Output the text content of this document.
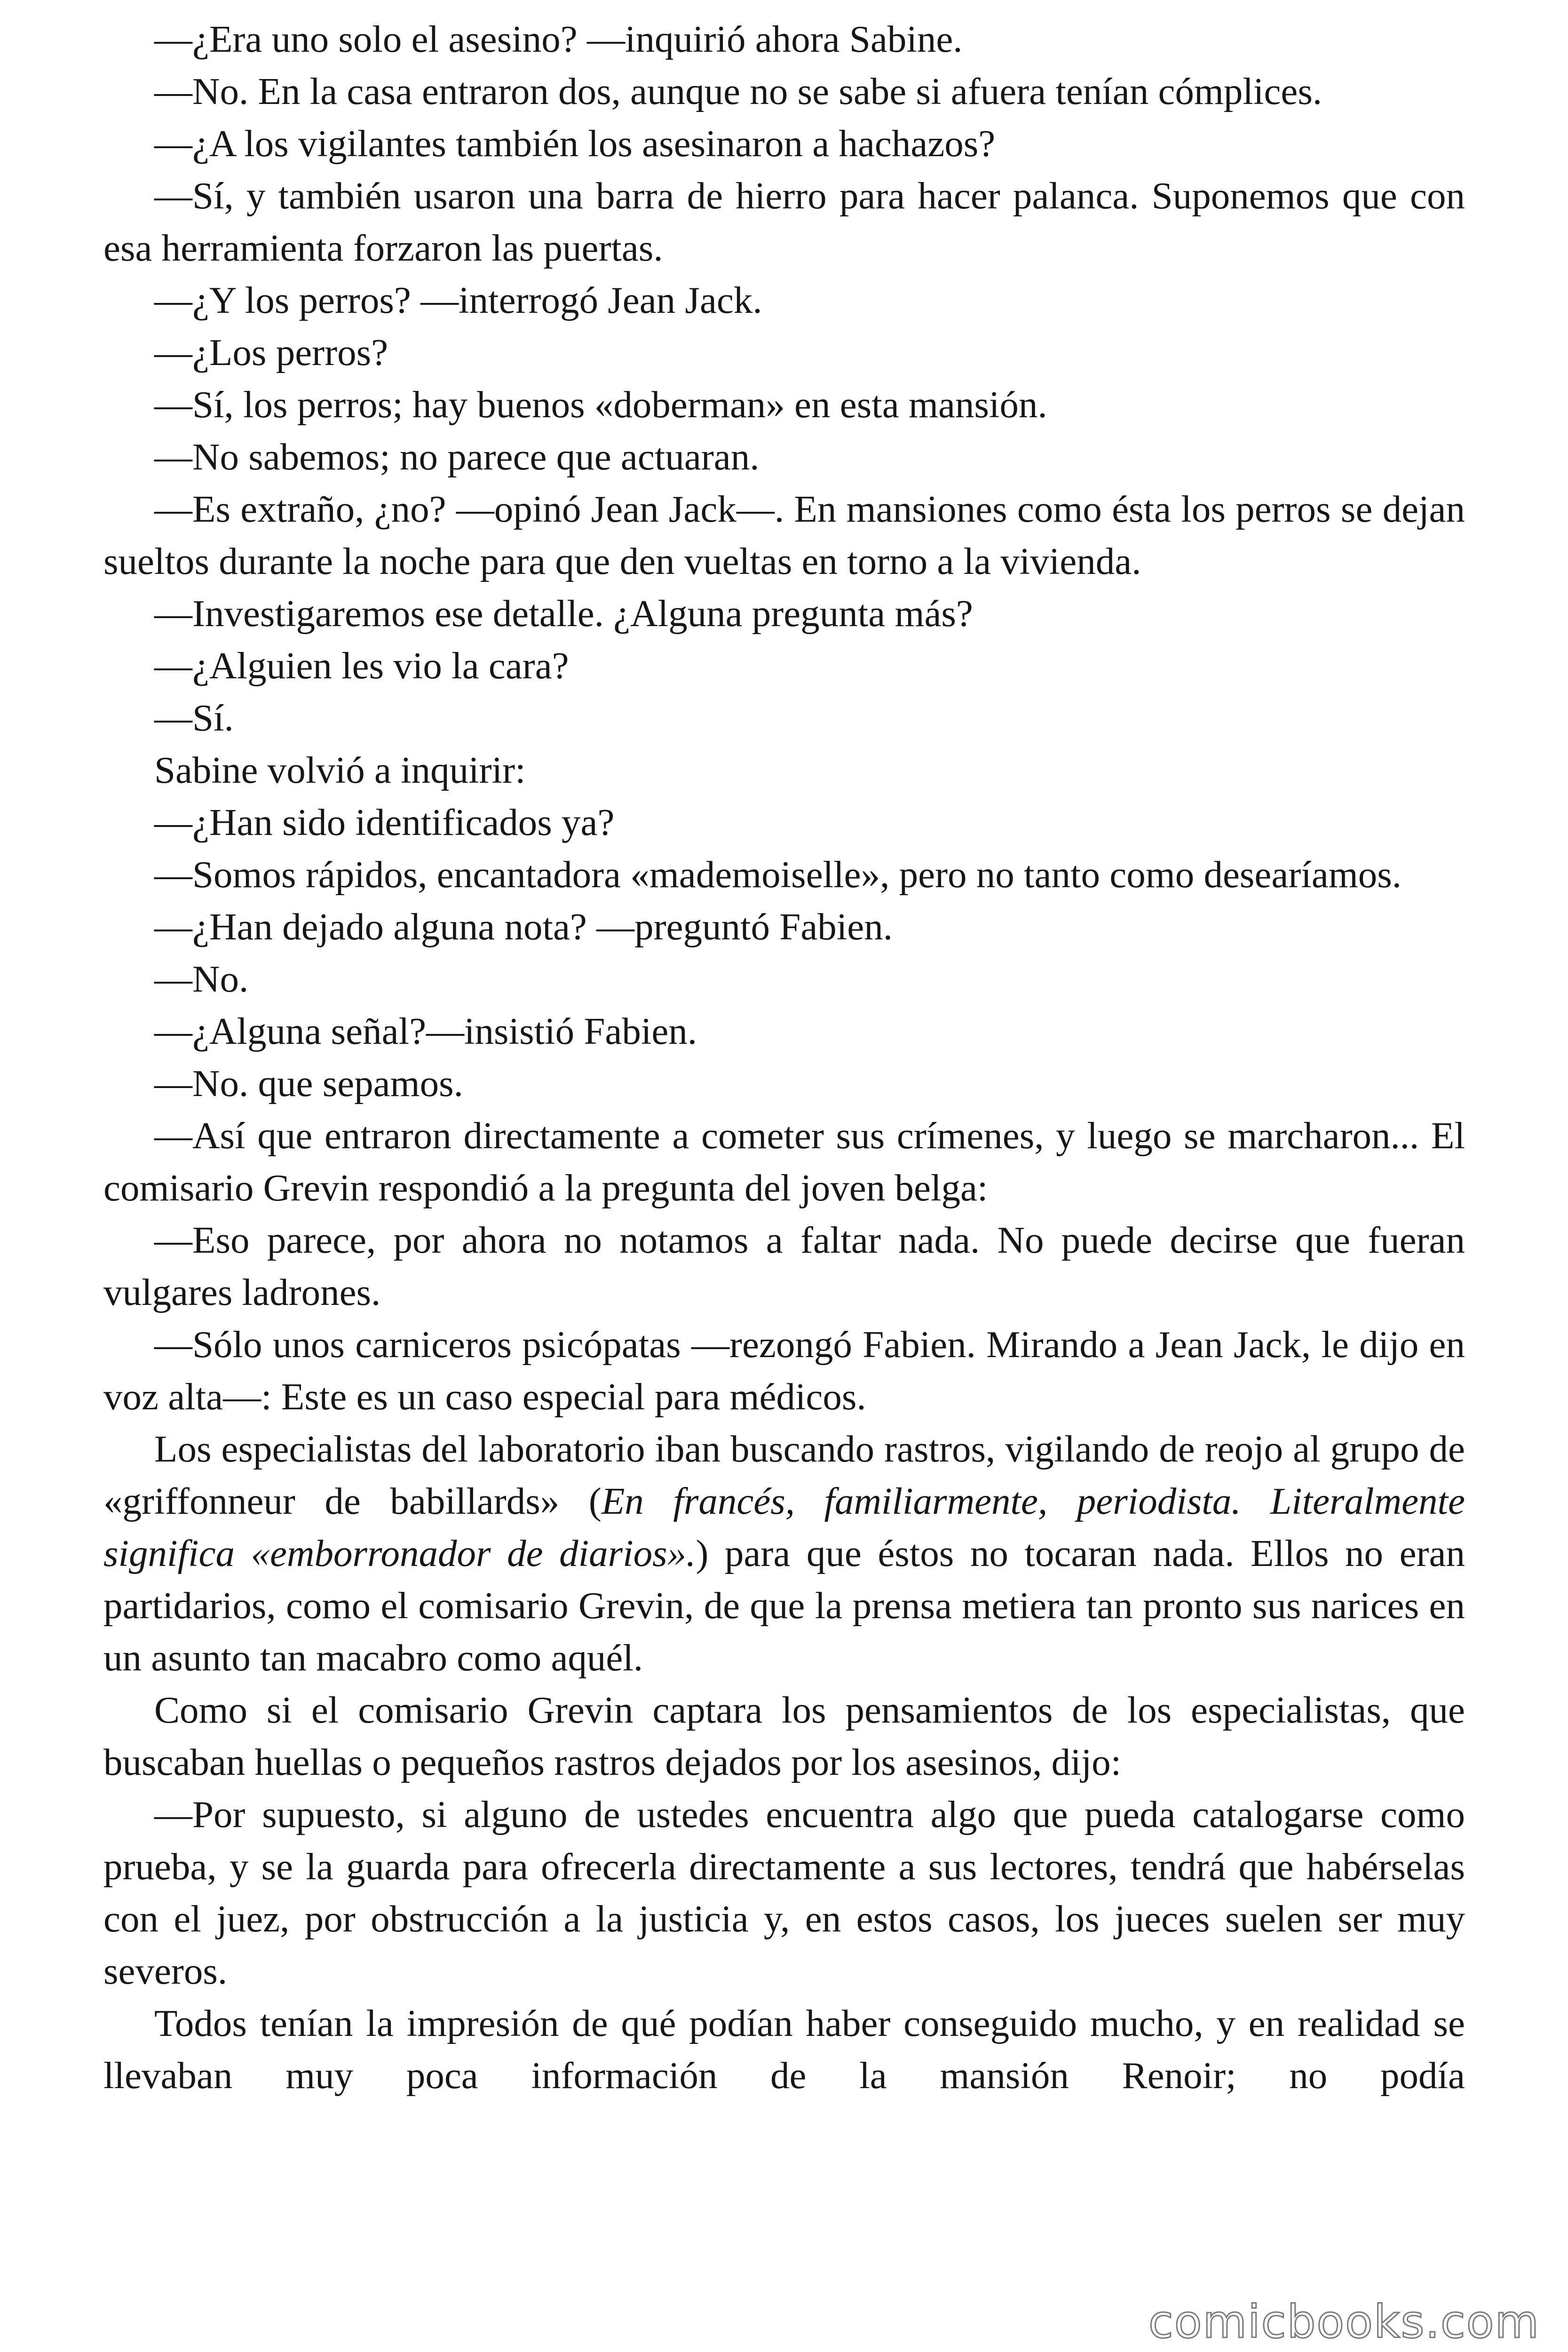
—¿Era uno solo el asesino? —inquirió ahora Sabine.

—No. En la casa entraron dos, aunque no se sabe si afuera tenían cómplices.

—¿A los vigilantes también los asesinaron a hachazos?

—Sí, y también usaron una barra de hierro para hacer palanca. Suponemos que con esa herramienta forzaron las puertas.

—¿Y los perros? —interrogó Jean Jack.

—¿Los perros?

—Sí, los perros; hay buenos «doberman» en esta mansión.

—No sabemos; no parece que actuaran.

—Es extraño, ¿no? —opinó Jean Jack—. En mansiones como ésta los perros se dejan sueltos durante la noche para que den vueltas en torno a la vivienda.

—Investigaremos ese detalle. ¿Alguna pregunta más?

—¿Alguien les vio la cara?

—Sí.

Sabine volvió a inquirir:

—¿Han sido identificados ya?

—Somos rápidos, encantadora «mademoiselle», pero no tanto como desearíamos.

—¿Han dejado alguna nota? —preguntó Fabien.

—No.

—¿Alguna señal?—insistió Fabien.

—No. que sepamos.

—Así que entraron directamente a cometer sus crímenes, y luego se marcharon... El comisario Grevin respondió a la pregunta del joven belga:

—Eso parece, por ahora no notamos a faltar nada. No puede decirse que fueran vulgares ladrones.

—Sólo unos carniceros psicópatas —rezongó Fabien. Mirando a Jean Jack, le dijo en voz alta—: Este es un caso especial para médicos.

Los especialistas del laboratorio iban buscando rastros, vigilando de reojo al grupo de «griffonneur de babillards» (En francés, familiarmente, periodista. Literalmente significa «emborronador de diarios».) para que éstos no tocaran nada. Ellos no eran partidarios, como el comisario Grevin, de que la prensa metiera tan pronto sus narices en un asunto tan macabro como aquél.

Como si el comisario Grevin captara los pensamientos de los especialistas, que buscaban huellas o pequeños rastros dejados por los asesinos, dijo:

—Por supuesto, si alguno de ustedes encuentra algo que pueda catalogarse como prueba, y se la guarda para ofrecerla directamente a sus lectores, tendrá que habérselas con el juez, por obstrucción a la justicia y, en estos casos, los jueces suelen ser muy severos.

Todos tenían la impresión de qué podían haber conseguido mucho, y en realidad se llevaban muy poca información de la mansión Renoir; no podía

comicbooks.com
